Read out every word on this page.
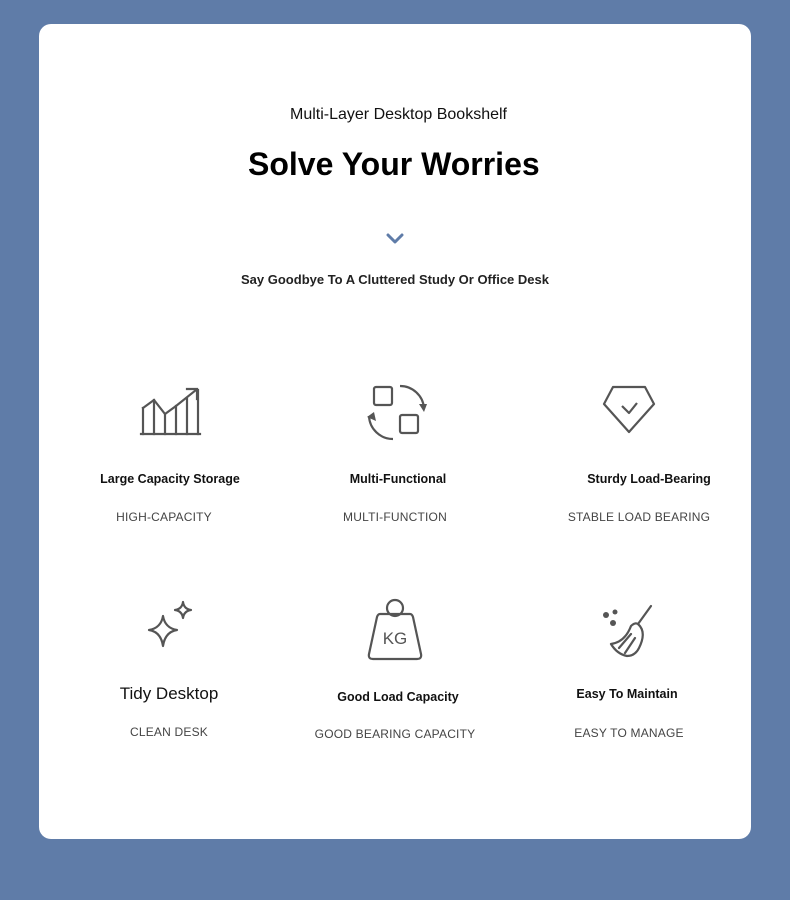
Multi-Layer Desktop Bookshelf
Solve Your Worries
Say Goodbye To A Cluttered Study Or Office Desk
Large Capacity Storage
HIGH-CAPACITY
Multi-Functional
MULTI-FUNCTION
Sturdy Load-Bearing
STABLE LOAD BEARING
Tidy Desktop
CLEAN DESK
KG
Good Load Capacity
GOOD BEARING CAPACITY
Easy To Maintain
EASY TO MANAGE
